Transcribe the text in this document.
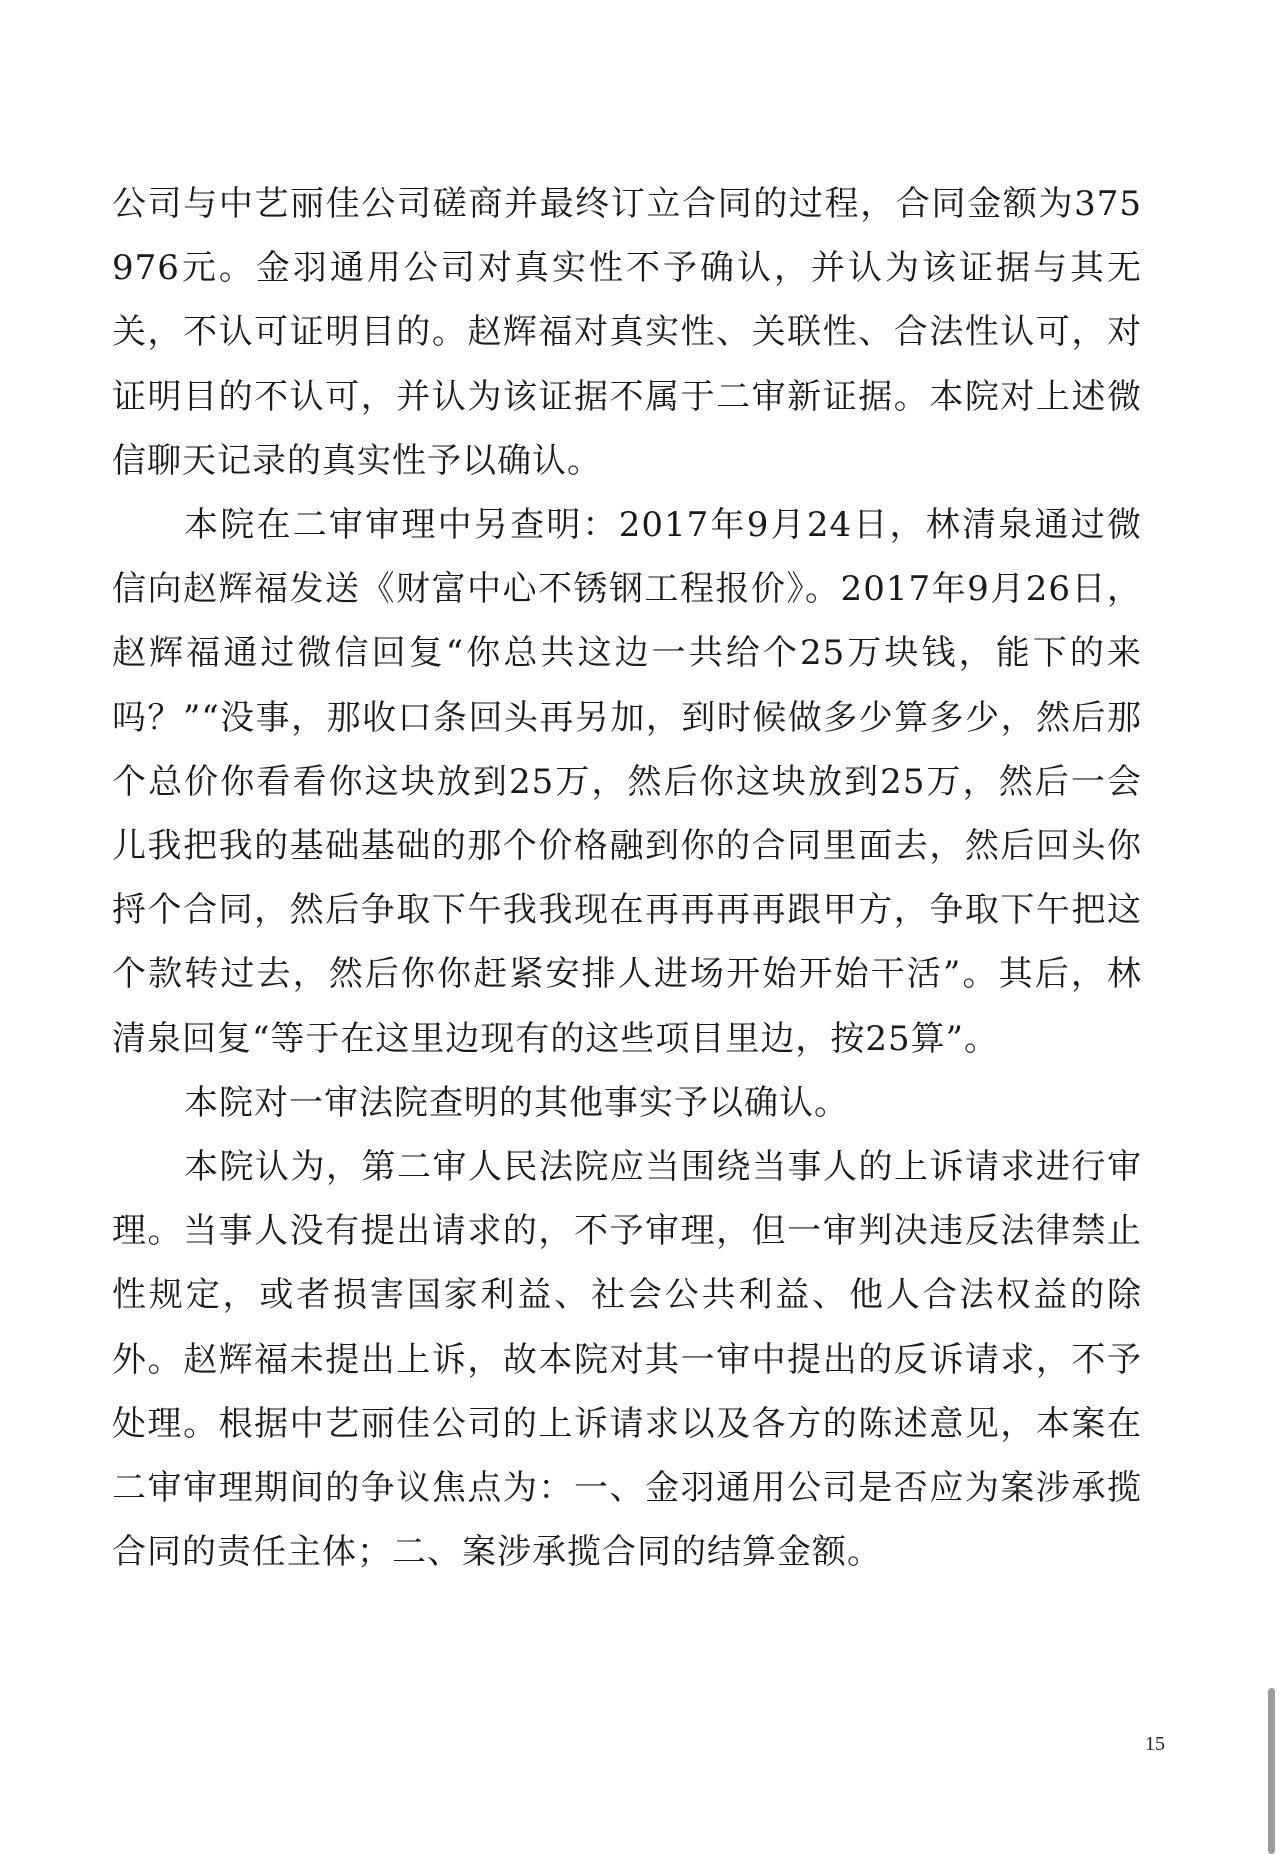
公司与中艺丽佳公司磋商并最终订立合同的过程，合同金额为375 976元。金羽通用公司对真实性不予确认，并认为该证据与其无关，不认可证明目的。赵辉福对真实性、关联性、合法性认可，对证明目的不认可，并认为该证据不属于二审新证据。本院对上述微信聊天记录的真实性予以确认。

本院在二审审理中另查明：2017年9月24日，林清泉通过微信向赵辉福发送《财富中心不锈钢工程报价》。2017年9月26日，赵辉福通过微信回复“你总共这边一共给个25万块钱，能下的来吗？”“没事，那收口条回头再另加，到时候做多少算多少，然后那个总价你看看你这块放到25万，然后你这块放到25万，然后一会儿我把我的基础基础的那个价格融到你的合同里面去，然后回头你捋个合同，然后争取下午我我现在再再再再跟甲方，争取下午把这个款转过去，然后你你赶紧安排人进场开始开始干活”。其后，林清泉回复“等于在这里边现有的这些项目里边，按25算”。

本院对一审法院查明的其他事实予以确认。

本院认为，第二审人民法院应当围绕当事人的上诉请求进行审理。当事人没有提出请求的，不予审理，但一审判决违反法律禁止性规定，或者损害国家利益、社会公共利益、他人合法权益的除外。赵辉福未提出上诉，故本院对其一审中提出的反诉请求，不予处理。根据中艺丽佳公司的上诉请求以及各方的陈述意见，本案在二审审理期间的争议焦点为：一、金羽通用公司是否应为案涉承揽合同的责任主体；二、案涉承揽合同的结算金额。

15
